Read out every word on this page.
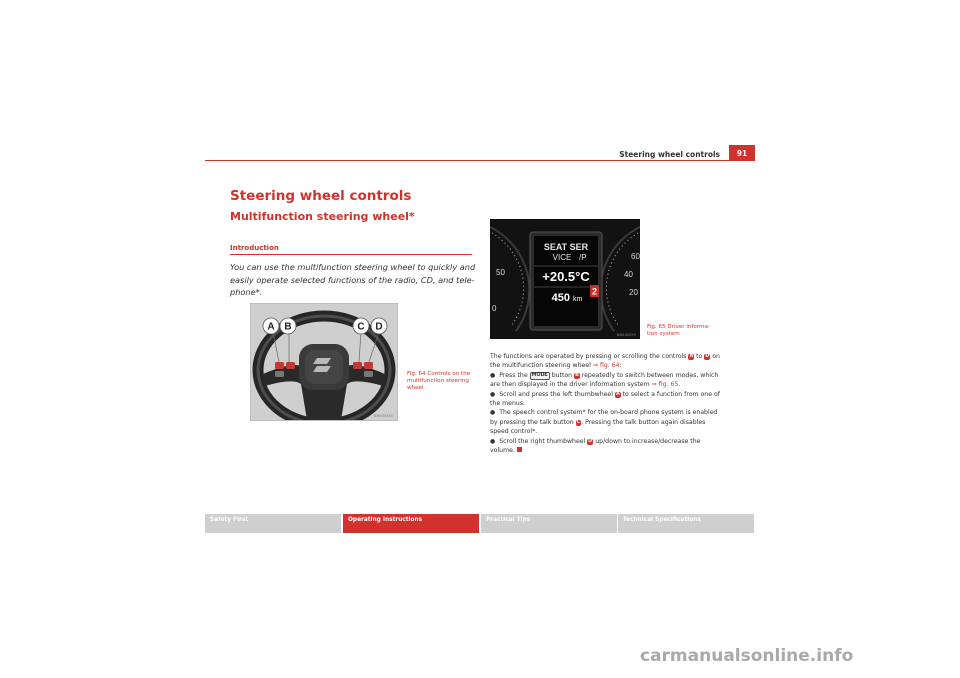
Steering wheel controls	91
Steering wheel controls
Multifunction steering wheel*
Introduction
You can use the multifunction steering wheel to quickly and easily operate selected functions of the radio, CD, and tele-phone*.
A B	C D
B3M-00XXX
Fig. 64 Controls on the multifunction steering wheel
50
0
60
40
20
SEAT SER
VICE /P
+20.5°C
450 km
2
B3M-00XXX
Fig. 65 Driver informa-tion system

The functions are operated by pressing or scrolling the controls A to D on the multifunction steering wheel ⇒ fig. 64:

● Press the MODE button B repeatedly to switch between modes, which are then displayed in the driver information system ⇒ fig. 65.

● Scroll and press the left thumbwheel A to select a function from one of the menus.

● The speech control system* for the on-board phone system is enabled by pressing the talk button C. Pressing the talk button again disables speed control*.

● Scroll the right thumbwheel D up/down to increase/decrease the volume.

Safety First	Operating Instructions	Practical Tips	Technical Specifications
carmanualsonline.info
